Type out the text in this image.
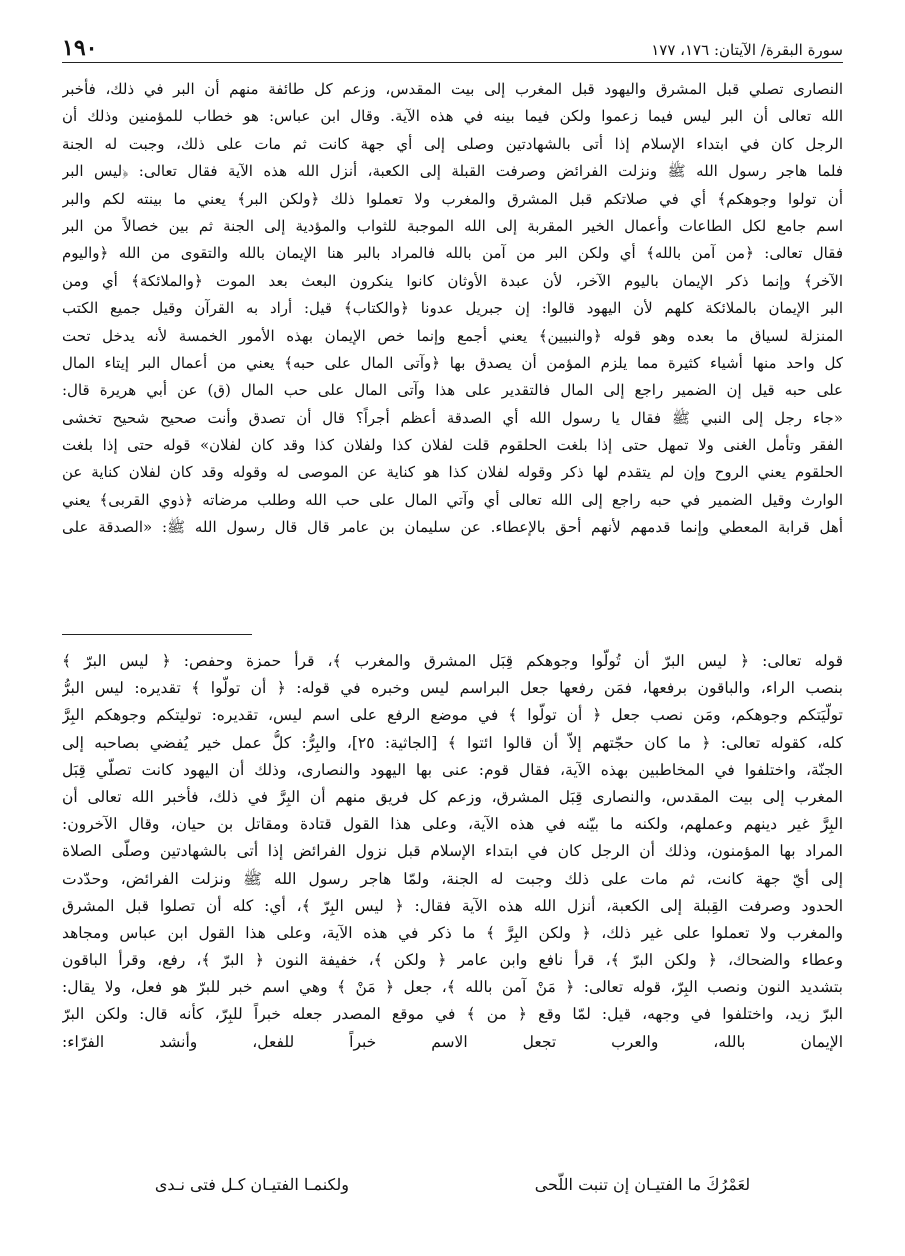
١٩٠	سورة البقرة/ الآيتان: ١٧٦، ١٧٧
النصارى تصلي قبل المشرق واليهود قبل المغرب إلى بيت المقدس، وزعم كل طائفة منهم أن البر في ذلك، فأخبر
الله تعالى أن البر ليس فيما زعموا ولكن فيما بينه في هذه الآية. وقال ابن عباس: هو خطاب للمؤمنين وذلك أن
الرجل كان في ابتداء الإسلام إذا أتى بالشهادتين وصلى إلى أي جهة كانت ثم مات على ذلك، وجبت له الجنة
فلما هاجر رسول الله ﷺ ونزلت الفرائض وصرفت القبلة إلى الكعبة، أنزل الله هذه الآية فقال تعالى: ﴿ليس البر
أن تولوا وجوهكم﴾ أي في صلاتكم قبل المشرق والمغرب ولا تعملوا ذلك ﴿ولكن البر﴾ يعني ما بينته لكم والبر
اسم جامع لكل الطاعات وأعمال الخير المقربة إلى الله الموجبة للثواب والمؤدية إلى الجنة ثم بين خصالاً من البر
فقال تعالى: ﴿من آمن بالله﴾ أي ولكن البر من آمن بالله فالمراد بالبر هنا الإيمان بالله والتقوى من الله ﴿واليوم
الآخر﴾ وإنما ذكر الإيمان باليوم الآخر، لأن عبدة الأوثان كانوا ينكرون البعث بعد الموت ﴿والملائكة﴾ أي ومن
البر الإيمان بالملائكة كلهم لأن اليهود قالوا: إن جبريل عدونا ﴿والكتاب﴾ قيل: أراد به القرآن وقيل جميع الكتب
المنزلة لسياق ما بعده وهو قوله ﴿والنبيين﴾ يعني أجمع وإنما خص الإيمان بهذه الأمور الخمسة لأنه يدخل تحت
كل واحد منها أشياء كثيرة مما يلزم المؤمن أن يصدق بها ﴿وآتى المال على حبه﴾ يعني من أعمال البر إيتاء المال
على حبه قيل إن الضمير راجع إلى المال فالتقدير على هذا وآتى المال على حب المال (ق) عن أبي هريرة قال:
«جاء رجل إلى النبي ﷺ فقال يا رسول الله أي الصدقة أعظم أجراً؟ قال أن تصدق وأنت صحيح شحيح تخشى
الفقر وتأمل الغنى ولا تمهل حتى إذا بلغت الحلقوم قلت لفلان كذا ولفلان كذا وقد كان لفلان» قوله حتى إذا بلغت
الحلقوم يعني الروح وإن لم يتقدم لها ذكر وقوله لفلان كذا هو كناية عن الموصى له وقوله وقد كان لفلان كناية عن
الوارث وقيل الضمير في حبه راجع إلى الله تعالى أي وآتي المال على حب الله وطلب مرضاته ﴿ذوي القربى﴾ يعني
أهل قرابة المعطي وإنما قدمهم لأنهم أحق بالإعطاء. عن سليمان بن عامر قال قال رسول الله ﷺ: «الصدقة على
قوله تعالى: ﴿ ليس البرّ أن تُولّوا وجوهكم قِبَل المشرق والمغرب ﴾، قرأ حمزة وحفص: ﴿ ليس البرّ ﴾
بنصب الراء، والباقون برفعها، فمَن رفعها جعل البراسم ليس وخبره في قوله: ﴿ أن تولّوا ﴾ تقديره: ليس البرُّ
تولّيَتكم وجوهكم، ومَن نصب جعل ﴿ أن تولّوا ﴾ في موضع الرفع على اسم ليس، تقديره: توليتكم وجوهكم البِرَّ
كله، كقوله تعالى: ﴿ ما كان حجّتهم إلاّ أن قالوا ائتوا ﴾ [الجاثية: ٢٥]، والبِرُّ: كلُّ عمل خير يُفضي بصاحبه إلى
الجنّة، واختلفوا في المخاطبين بهذه الآية، فقال قوم: عنى بها اليهود والنصارى، وذلك أن اليهود كانت تصلّي قِبَل
المغرب إلى بيت المقدس، والنصارى قِبَل المشرق، وزعم كل فريق منهم أن البِرَّ في ذلك، فأخبر الله تعالى أن
البِرَّ غير دينهم وعملهم، ولكنه ما بيّنه في هذه الآية، وعلى هذا القول قتادة ومقاتل بن حيان، وقال الآخرون:
المراد بها المؤمنون، وذلك أن الرجل كان في ابتداء الإسلام قبل نزول الفرائض إذا أتى بالشهادتين وصلّى الصلاة
إلى أيّ جهة كانت، ثم مات على ذلك وجبت له الجنة، ولمّا هاجر رسول الله ﷺ ونزلت الفرائض، وحدّدت
الحدود وصرفت القِبلة إلى الكعبة، أنزل الله هذه الآية فقال: ﴿ ليس البِرّ ﴾، أي: كله أن تصلوا قبل المشرق
والمغرب ولا تعملوا على غير ذلك، ﴿ ولكن البِرَّ ﴾ ما ذكر في هذه الآية، وعلى هذا القول ابن عباس ومجاهد
وعطاء والضحاك، ﴿ ولكن البرّ ﴾، قرأ نافع وابن عامر ﴿ ولكن ﴾، خفيفة النون ﴿ البرّ ﴾، رفع، وقرأ الباقون
بتشديد النون ونصب البِرّ، قوله تعالى: ﴿ مَنْ آمن بالله ﴾، جعل ﴿ مَنْ ﴾ وهي اسم خبر للبرّ هو فعل، ولا يقال:
البرّ زيد، واختلفوا في وجهه، قيل: لمّا وقع ﴿ من ﴾ في موقع المصدر جعله خبراً للبِرّ، كأنه قال: ولكن البرّ
الإيمان بالله، والعرب تجعل الاسم خبراً للفعل، وأنشد الفرّاء:
لعَمْرُكَ ما الفتيـان إن تنبت اللّحى
ولكنمـا الفتيـان كـل فتى نـدى
